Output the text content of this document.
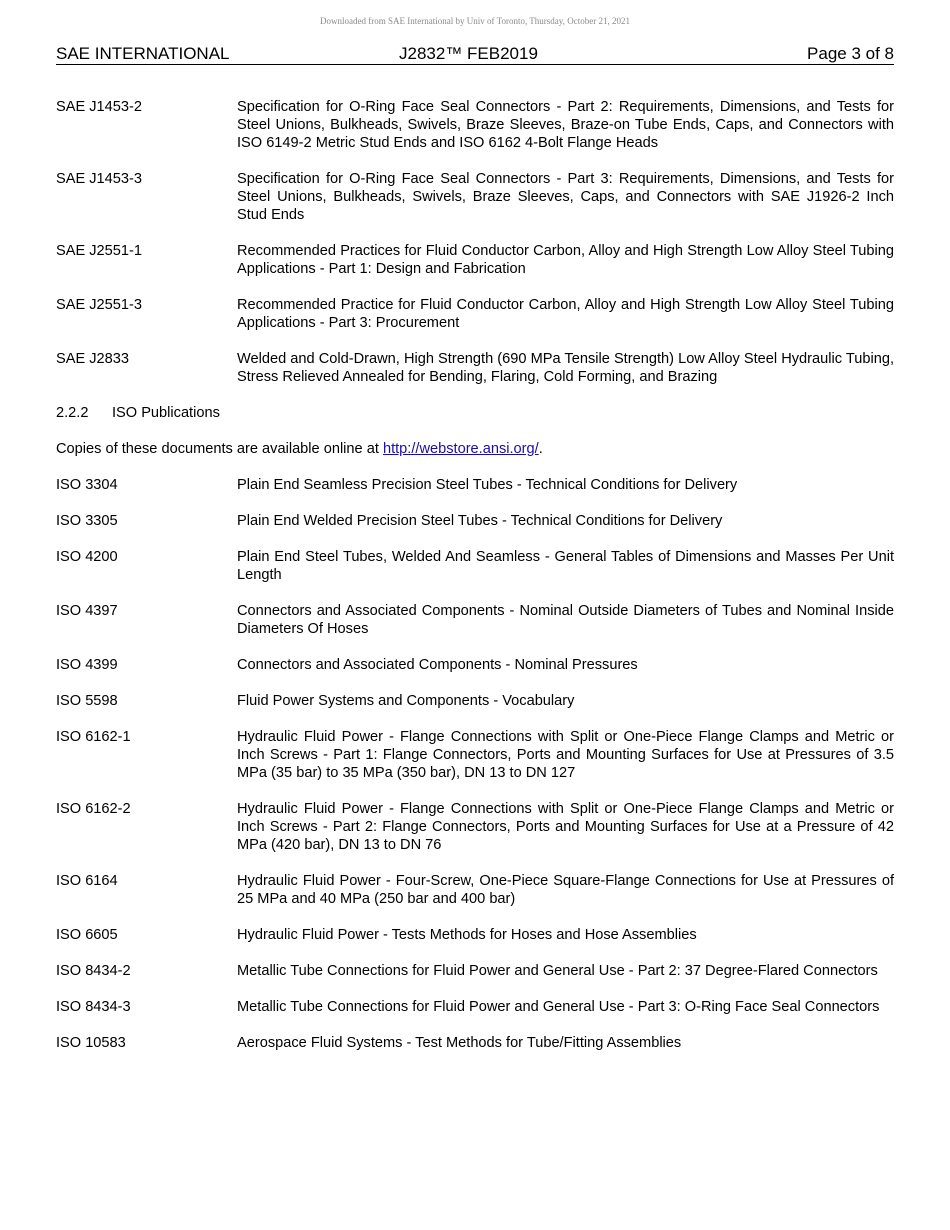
Downloaded from SAE International by Univ of Toronto, Thursday, October 21, 2021
SAE INTERNATIONAL	J2832™ FEB2019	Page 3 of 8
SAE J1453-2	Specification for O-Ring Face Seal Connectors - Part 2: Requirements, Dimensions, and Tests for Steel Unions, Bulkheads, Swivels, Braze Sleeves, Braze-on Tube Ends, Caps, and Connectors with ISO 6149-2 Metric Stud Ends and ISO 6162 4-Bolt Flange Heads
SAE J1453-3	Specification for O-Ring Face Seal Connectors - Part 3: Requirements, Dimensions, and Tests for Steel Unions, Bulkheads, Swivels, Braze Sleeves, Caps, and Connectors with SAE J1926-2 Inch Stud Ends
SAE J2551-1	Recommended Practices for Fluid Conductor Carbon, Alloy and High Strength Low Alloy Steel Tubing Applications - Part 1: Design and Fabrication
SAE J2551-3	Recommended Practice for Fluid Conductor Carbon, Alloy and High Strength Low Alloy Steel Tubing Applications - Part 3: Procurement
SAE J2833	Welded and Cold-Drawn, High Strength (690 MPa Tensile Strength) Low Alloy Steel Hydraulic Tubing, Stress Relieved Annealed for Bending, Flaring, Cold Forming, and Brazing
2.2.2 ISO Publications
Copies of these documents are available online at http://webstore.ansi.org/.
ISO 3304	Plain End Seamless Precision Steel Tubes - Technical Conditions for Delivery
ISO 3305	Plain End Welded Precision Steel Tubes - Technical Conditions for Delivery
ISO 4200	Plain End Steel Tubes, Welded And Seamless - General Tables of Dimensions and Masses Per Unit Length
ISO 4397	Connectors and Associated Components - Nominal Outside Diameters of Tubes and Nominal Inside Diameters Of Hoses
ISO 4399	Connectors and Associated Components - Nominal Pressures
ISO 5598	Fluid Power Systems and Components - Vocabulary
ISO 6162-1	Hydraulic Fluid Power - Flange Connections with Split or One-Piece Flange Clamps and Metric or Inch Screws - Part 1: Flange Connectors, Ports and Mounting Surfaces for Use at Pressures of 3.5 MPa (35 bar) to 35 MPa (350 bar), DN 13 to DN 127
ISO 6162-2	Hydraulic Fluid Power - Flange Connections with Split or One-Piece Flange Clamps and Metric or Inch Screws - Part 2: Flange Connectors, Ports and Mounting Surfaces for Use at a Pressure of 42 MPa (420 bar), DN 13 to DN 76
ISO 6164	Hydraulic Fluid Power - Four-Screw, One-Piece Square-Flange Connections for Use at Pressures of 25 MPa and 40 MPa (250 bar and 400 bar)
ISO 6605	Hydraulic Fluid Power - Tests Methods for Hoses and Hose Assemblies
ISO 8434-2	Metallic Tube Connections for Fluid Power and General Use - Part 2: 37 Degree-Flared Connectors
ISO 8434-3	Metallic Tube Connections for Fluid Power and General Use - Part 3: O-Ring Face Seal Connectors
ISO 10583	Aerospace Fluid Systems - Test Methods for Tube/Fitting Assemblies
